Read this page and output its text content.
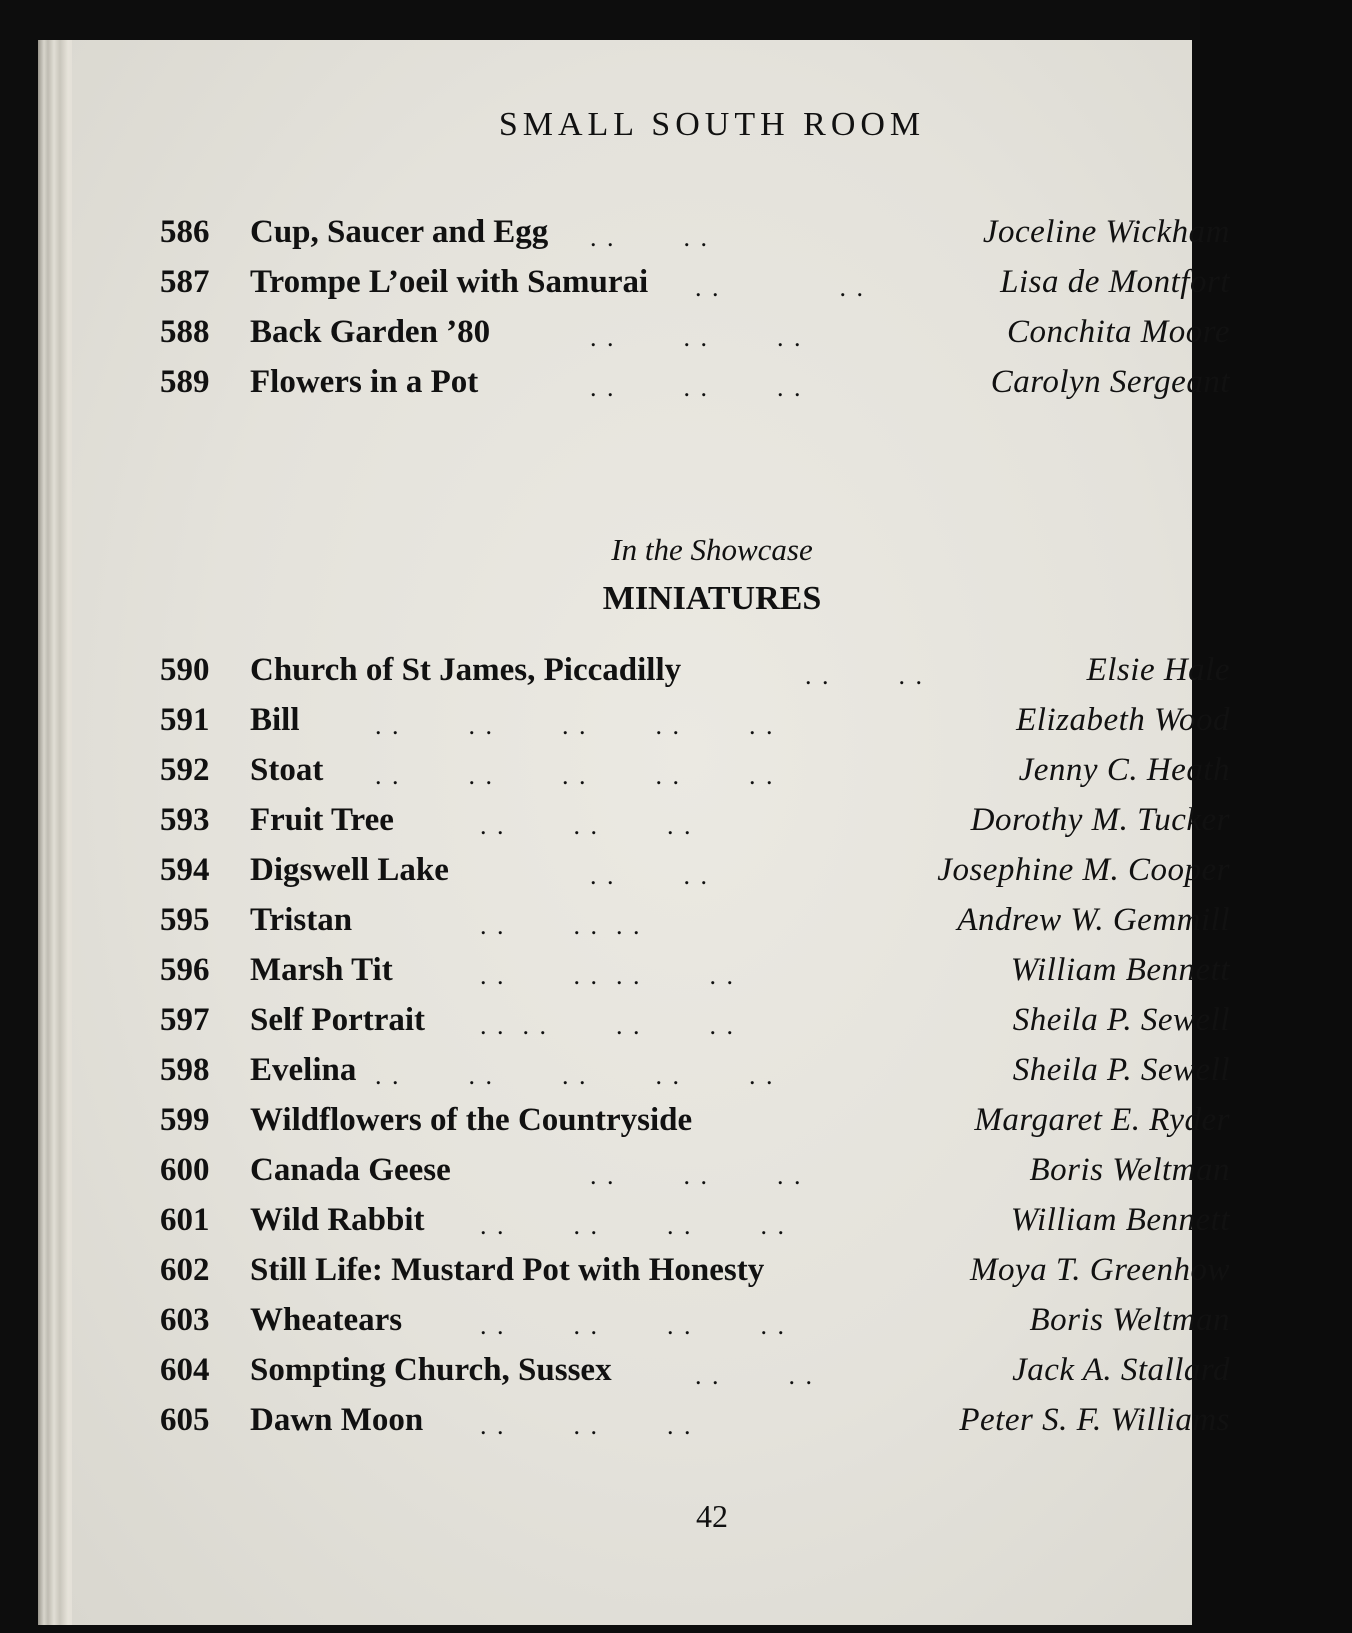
SMALL SOUTH ROOM
586 Cup, Saucer and Egg . .        . .	Joceline Wickham
587 Trompe L’oeil with Samurai . .              . .	Lisa de Montfort
588 Back Garden ’80	. .        . .        . .	Conchita Moore
589 Flowers in a Pot	. .        . .        . .	Carolyn Sergeant

In the Showcase

MINIATURES
590 Church of St James, Piccadilly	. .        . .	Elsie Hale
591 Bill	. .        . .        . .        . .        . .	Elizabeth Wood
592 Stoat . .        . .        . .        . .        . .	Jenny C. Heath
593 Fruit Tree	. .        . .        . .	Dorothy M. Tucker
594 Digswell Lake	. .        . .	Josephine M. Cooper
595 Tristan	. .        . .  . .	Andrew W. Gemmill
596 Marsh Tit	. .        . .  . .        . .	William Bennett
597 Self Portrait . .  . .        . .        . .	Sheila P. Sewell
598 Evelina . .        . .        . .        . .        . .	Sheila P. Sewell
599 Wildflowers of the Countryside	Margaret E. Ryder
600 Canada Geese	. .        . .        . .	Boris Weltman
601 Wild Rabbit . .        . .        . .        . .	William Bennett
602 Still Life: Mustard Pot with Honesty	Moya T. Greenhow
603 Wheatears	. .        . .        . .        . .	Boris Weltman
604 Sompting Church, Sussex	. .        . .	Jack A. Stallard
605 Dawn Moon . .        . .        . .	Peter S. F. Williams
42
